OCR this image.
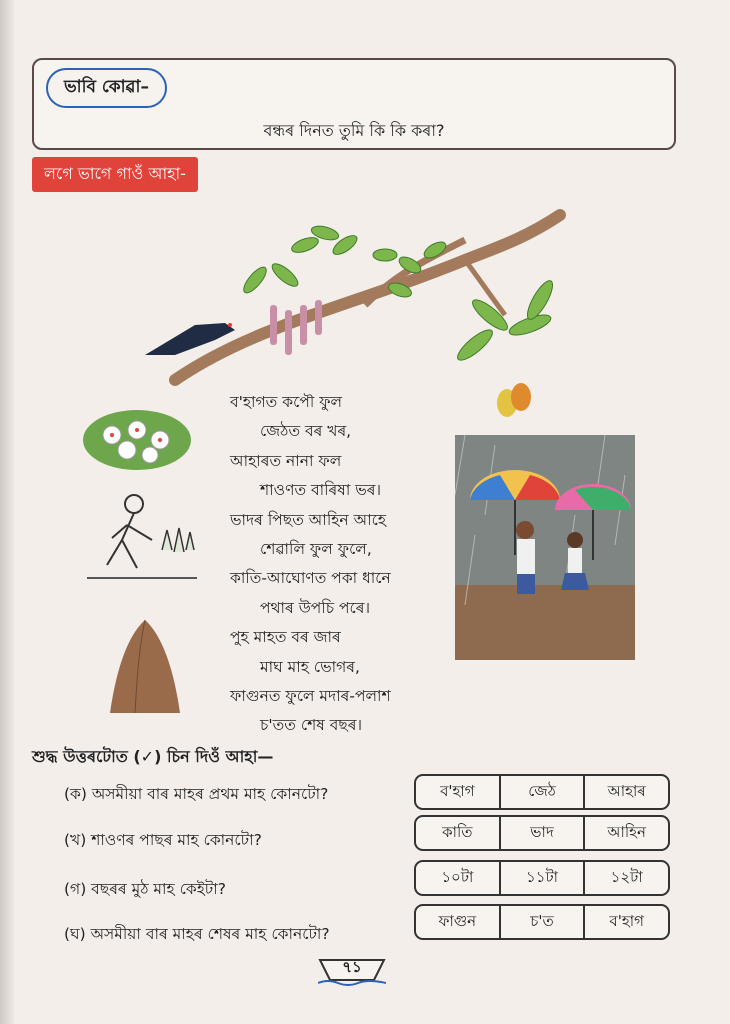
ভাবি কোৱা–
বন্ধৰ দিনত তুমি কি কি কৰা?
লগে ভাগে গাওঁ আহা-
ব'হাগত কপৌ ফুল
জেঠত বৰ খৰ,
আহাৰত নানা ফল
শাওণত বাৰিষা ভৰ।
ভাদৰ পিছত আহিন আহে
শেৱালি ফুল ফুলে,
কাতি-আঘোণত পকা ধানে
পথাৰ উপচি পৰে।
পুহ মাহত বৰ জাৰ
মাঘ মাহ ভোগৰ,
ফাগুনত ফুলে মদাৰ-পলাশ
চ'তত শেষ বছৰ।
শুদ্ধ উত্তৰটোত (✓) চিন দিওঁ আহা—
(ক) অসমীয়া বাৰ মাহৰ প্ৰথম মাহ কোনটো?	ব'হাগ	জেঠ	আহাৰ
(খ) শাওণৰ পাছৰ মাহ কোনটো?	কাতি	ভাদ	আহিন
(গ) বছৰৰ মুঠ মাহ কেইটা?
১০টা	১১টা	১২টা
(ঘ) অসমীয়া বাৰ মাহৰ শেষৰ মাহ কোনটো?
ফাগুন	চ'ত	ব'হাগ
৭১
